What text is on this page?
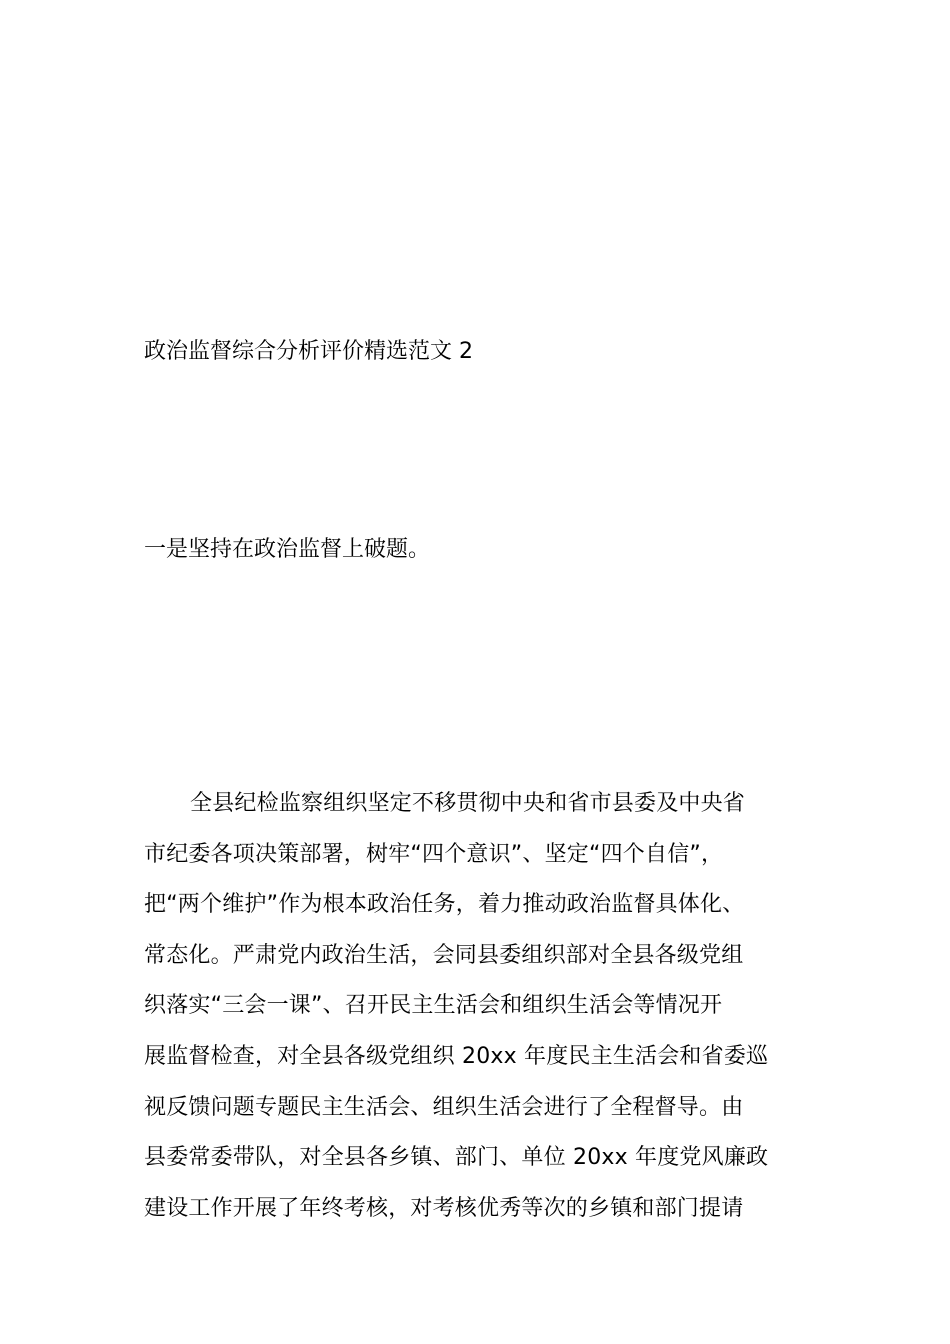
政治监督综合分析评价精选范文 2
一是坚持在政治监督上破题。
全县纪检监察组织坚定不移贯彻中央和省市县委及中央省
市纪委各项决策部署，树牢“四个意识”、坚定“四个自信”，
把“两个维护”作为根本政治任务，着力推动政治监督具体化、
常态化。严肃党内政治生活，会同县委组织部对全县各级党组
织落实“三会一课”、召开民主生活会和组织生活会等情况开
展监督检查，对全县各级党组织 20xx 年度民主生活会和省委巡
视反馈问题专题民主生活会、组织生活会进行了全程督导。由
县委常委带队，对全县各乡镇、部门、单位 20xx 年度党风廉政
建设工作开展了年终考核，对考核优秀等次的乡镇和部门提请
